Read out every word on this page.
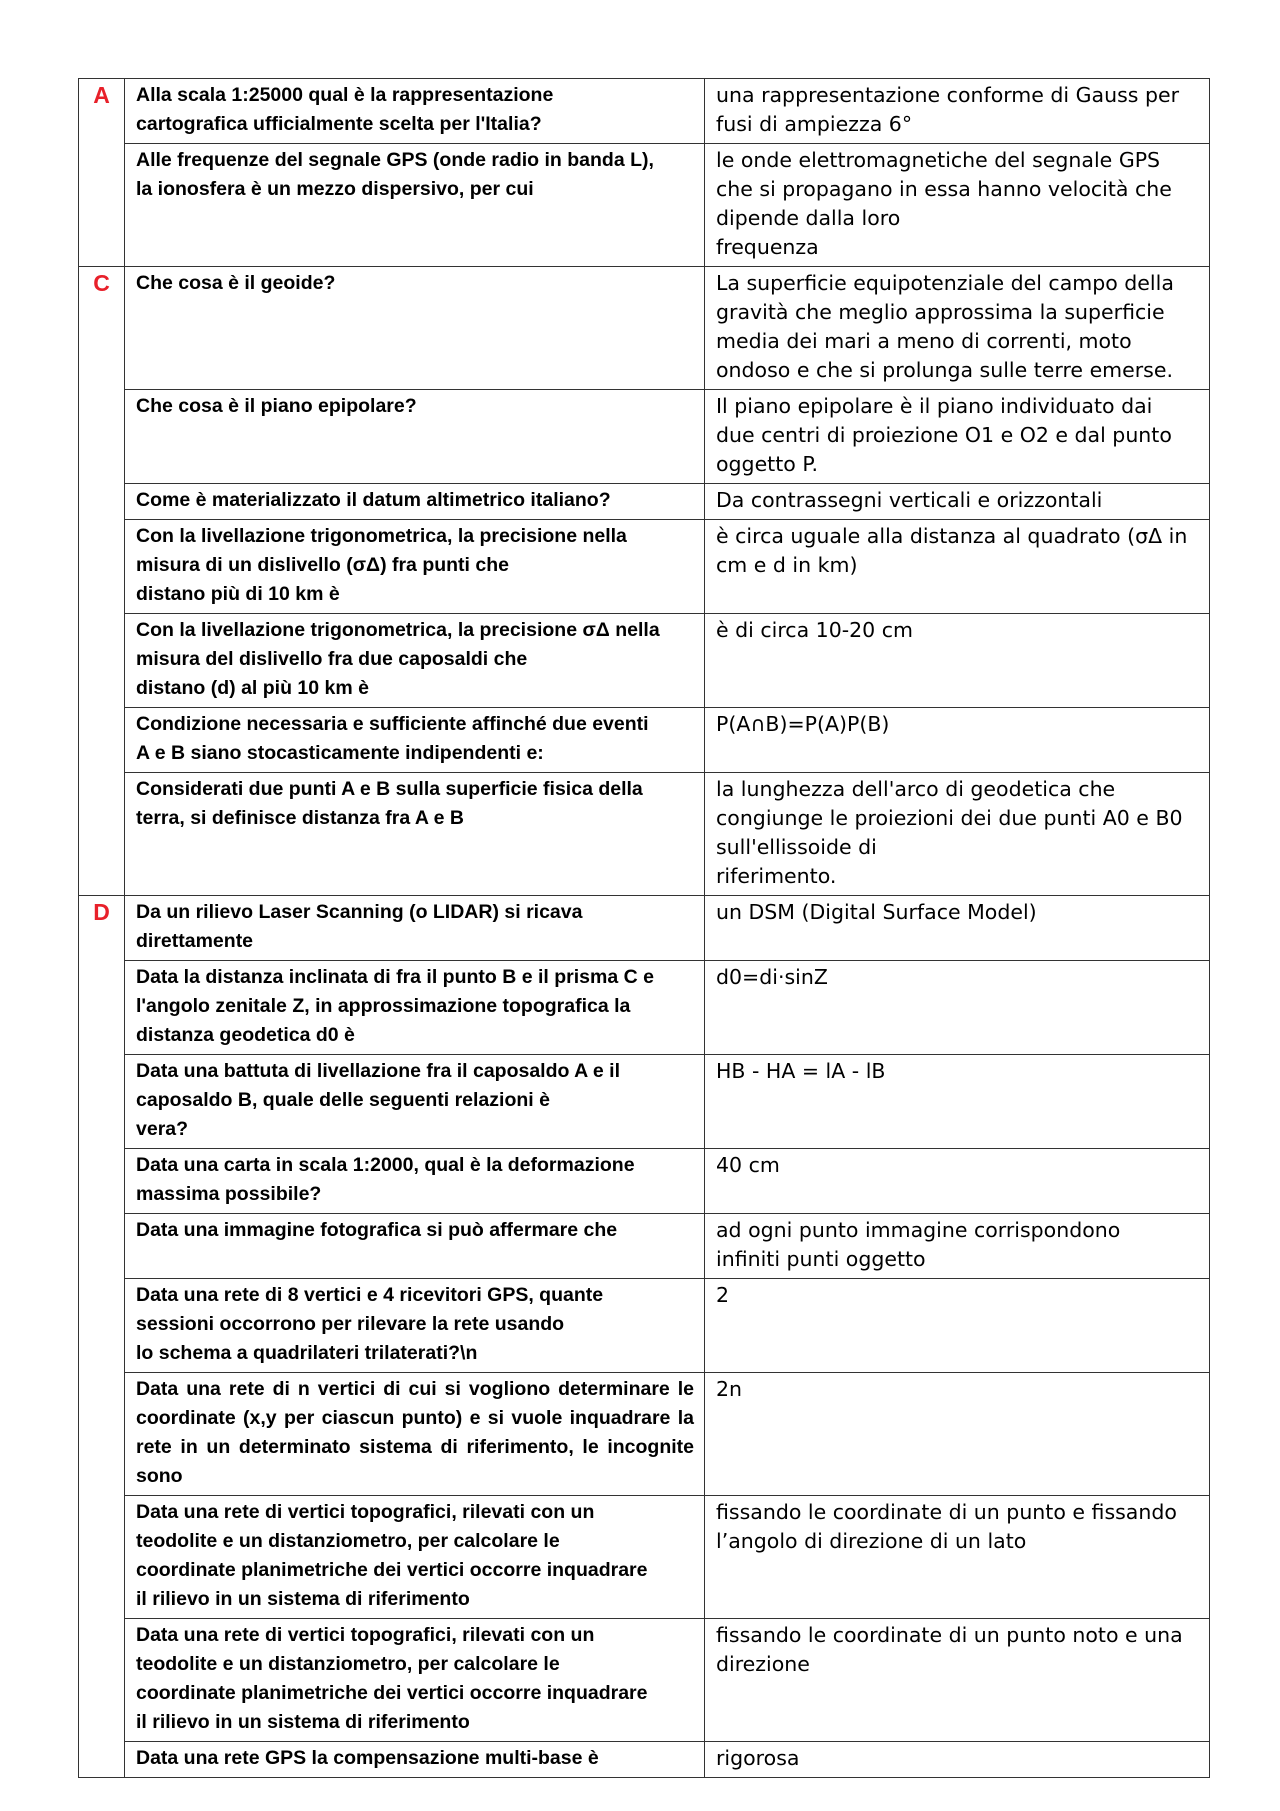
A	Alla scala 1:25000 qual è la rappresentazione
cartografica ufficialmente scelta per l'Italia?	una rappresentazione conforme di Gauss per
fusi di ampiezza 6°
	Alle frequenze del segnale GPS (onde radio in banda L),
la ionosfera è un mezzo dispersivo, per cui	le onde elettromagnetiche del segnale GPS
che si propagano in essa hanno velocità che
dipende dalla loro
frequenza
C	Che cosa è il geoide?	La superficie equipotenziale del campo della
gravità che meglio approssima la superficie
media dei mari a meno di correnti, moto
ondoso e che si prolunga sulle terre emerse.
	Che cosa è il piano epipolare?	Il piano epipolare è il piano individuato dai
due centri di proiezione O1 e O2 e dal punto
oggetto P.
	Come è materializzato il datum altimetrico italiano?	Da contrassegni verticali e orizzontali
	Con la livellazione trigonometrica, la precisione nella
misura di un dislivello (σΔ) fra punti che
distano più di 10 km è	è circa uguale alla distanza al quadrato (σΔ in
cm e d in km)
	Con la livellazione trigonometrica, la precisione σΔ nella
misura del dislivello fra due caposaldi che
distano (d) al più 10 km è	è di circa 10-20 cm
	Condizione necessaria e sufficiente affinché due eventi
A e B siano stocasticamente indipendenti e:	P(A∩B)=P(A)P(B)
	Considerati due punti A e B sulla superficie fisica della
terra, si definisce distanza fra A e B	la lunghezza dell'arco di geodetica che
congiunge le proiezioni dei due punti A0 e B0
sull'ellissoide di
riferimento.
D	Da un rilievo Laser Scanning (o LIDAR) si ricava
direttamente	un DSM (Digital Surface Model)
	Data la distanza inclinata di fra il punto B e il prisma C e
l'angolo zenitale Z, in approssimazione topografica la
distanza geodetica d0 è	d0=di·sinZ
	Data una battuta di livellazione fra il caposaldo A e il
caposaldo B, quale delle seguenti relazioni è
vera?	HB - HA = lA - lB
	Data una carta in scala 1:2000, qual è la deformazione
massima possibile?	40 cm
	Data una immagine fotografica si può affermare che	ad ogni punto immagine corrispondono
infiniti punti oggetto
	Data una rete di 8 vertici e 4 ricevitori GPS, quante
sessioni occorrono per rilevare la rete usando
lo schema a quadrilateri trilaterati?\n	2
	Data una rete di n vertici di cui si vogliono determinare le coordinate (x,y per ciascun punto) e si vuole inquadrare la rete in un determinato sistema di riferimento, le incognite sono	2n
	Data una rete di vertici topografici, rilevati con un
teodolite e un distanziometro, per calcolare le
coordinate planimetriche dei vertici occorre inquadrare
il rilievo in un sistema di riferimento	fissando le coordinate di un punto e fissando
l’angolo di direzione di un lato
	Data una rete di vertici topografici, rilevati con un
teodolite e un distanziometro, per calcolare le
coordinate planimetriche dei vertici occorre inquadrare
il rilievo in un sistema di riferimento	fissando le coordinate di un punto noto e una
direzione
	Data una rete GPS la compensazione multi-base è	rigorosa
